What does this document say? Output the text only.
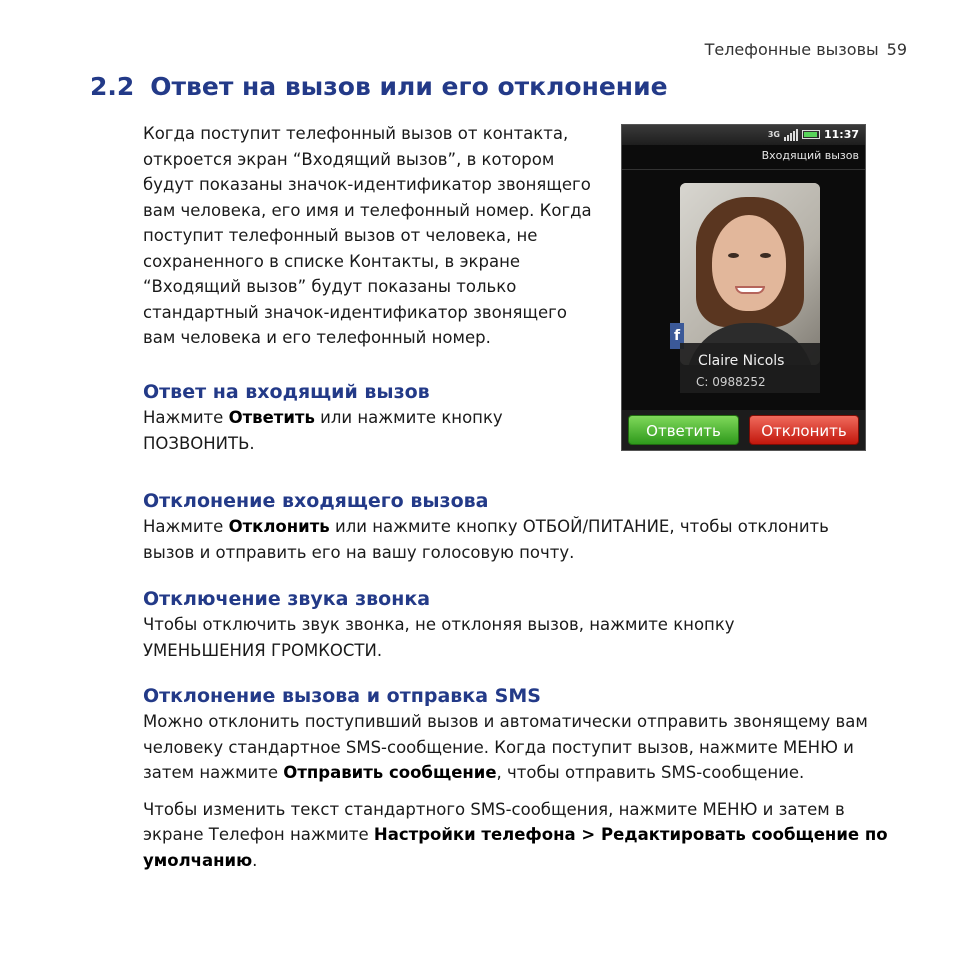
Телефонные вызовы 59
2.2 Ответ на вызов или его отклонение

Когда поступит телефонный вызов от контакта, откроется экран “Входящий вызов”, в котором будут показаны значок-идентификатор звонящего вам человека, его имя и телефонный номер. Когда поступит телефонный вызов от человека, не сохраненного в списке Контакты, в экране “Входящий вызов” будут показаны только стандартный значок-идентификатор звонящего вам человека и его телефонный номер.

Ответ на входящий вызов

Нажмите Ответить или нажмите кнопку ПОЗВОНИТЬ.

Отклонение входящего вызова

Нажмите Отклонить или нажмите кнопку ОТБОЙ/ПИТАНИЕ, чтобы отклонить вызов и отправить его на вашу голосовую почту.

Отключение звука звонка

Чтобы отключить звук звонка, не отклоняя вызов, нажмите кнопку УМЕНЬШЕНИЯ ГРОМКОСТИ.

Отклонение вызова и отправка SMS

Можно отклонить поступивший вызов и автоматически отправить звонящему вам человеку стандартное SMS-сообщение. Когда поступит вызов, нажмите МЕНЮ и затем нажмите Отправить сообщение, чтобы отправить SMS-сообщение.

Чтобы изменить текст стандартного SMS-сообщения, нажмите МЕНЮ и затем в экране Телефон нажмите Настройки телефона > Редактировать сообщение по умолчанию.

3G	11:37
Входящий вызов
f
Claire Nicols
C: 0988252
Ответить	Отклонить
